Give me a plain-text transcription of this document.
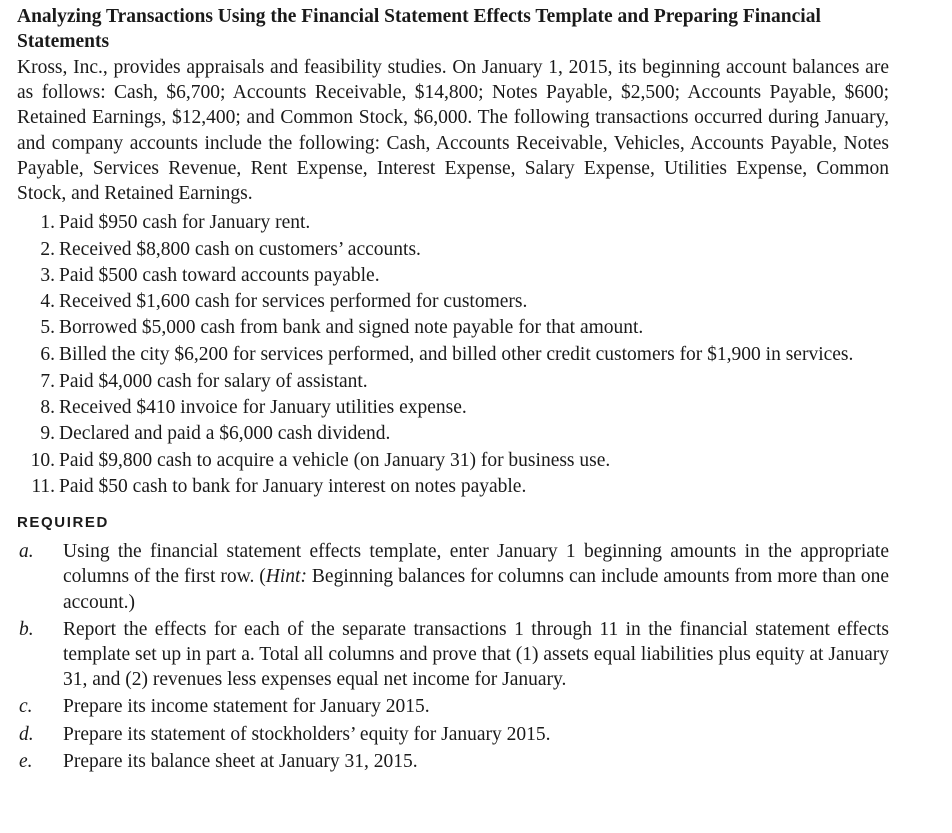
Analyzing Transactions Using the Financial Statement Effects Template and Preparing Financial Statements

Kross, Inc., provides appraisals and feasibility studies. On January 1, 2015, its beginning account balances are as follows: Cash, $6,700; Accounts Receivable, $14,800; Notes Payable, $2,500; Accounts Payable, $600; Retained Earnings, $12,400; and Common Stock, $6,000. The following transactions occurred during January, and company accounts include the following: Cash, Accounts Receivable, Vehicles, Accounts Payable, Notes Payable, Services Revenue, Rent Expense, Interest Expense, Salary Expense, Utilities Expense, Common Stock, and Retained Earnings.

1. Paid $950 cash for January rent.
2. Received $8,800 cash on customers’ accounts.
3. Paid $500 cash toward accounts payable.
4. Received $1,600 cash for services performed for customers.
5. Borrowed $5,000 cash from bank and signed note payable for that amount.
6. Billed the city $6,200 for services performed, and billed other credit customers for $1,900 in services.
7. Paid $4,000 cash for salary of assistant.
8. Received $410 invoice for January utilities expense.
9. Declared and paid a $6,000 cash dividend.
10. Paid $9,800 cash to acquire a vehicle (on January 31) for business use.
11. Paid $50 cash to bank for January interest on notes payable.
REQUIRED
a.	Using the financial statement effects template, enter January 1 beginning amounts in the appropriate columns of the first row. (Hint: Beginning balances for columns can include amounts from more than one account.)
b.	Report the effects for each of the separate transactions 1 through 11 in the financial statement effects template set up in part a. Total all columns and prove that (1) assets equal liabilities plus equity at January 31, and (2) revenues less expenses equal net income for January.
c.	Prepare its income statement for January 2015.
d.	Prepare its statement of stockholders’ equity for January 2015.
e.	Prepare its balance sheet at January 31, 2015.
